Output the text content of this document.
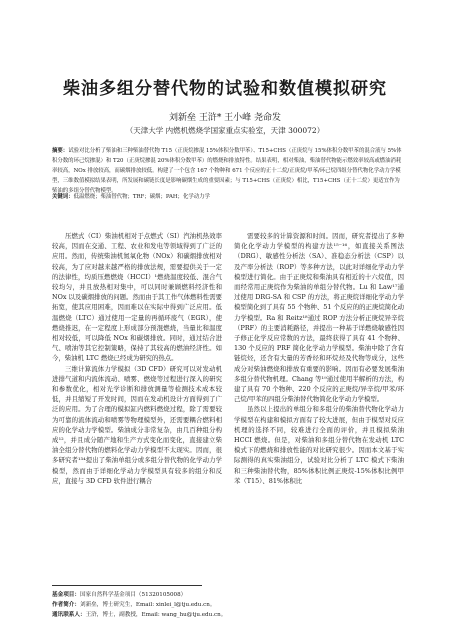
柴油多组分替代物的试验和数值模拟研究
刘新垒 王浒* 王小峰 尧命发
（天津大学 内燃机燃烧学国家重点实验室，天津 300072）
摘要：试验对比分析了柴油和三种柴油替代物 T15（正庚烷掺混 15%体积分数甲苯）、T15+CHS（正庚烷与 15%体积分数甲苯的混合液与 5%体积分数的环己烷掺混）和 T20（正庚烷掺混 20%体积分数甲苯）的燃烧和排放特性。结果表明，相对柴油，柴油替代物能示燃效率较高或燃油消耗率较高，NOx 排放较高，而碳烟排放较低。构建了一个包含 167 个物种和 671 个反应的正十二烷/正庚烷/甲苯/环己烷四组分替代物化学动力学模型，三维数值模拟结果表明，所发展和碳链长度是影响碳烟生成的重要因素；与 T15+CHS（正庚烷）相比，T15+CHS（正十二烷）更适宜作为柴油的多组分替代物模型。
关键词：低温燃烧；柴油替代物；TRF；碳烟；PAH；化学动力学

压燃式（CI）柴油机相对于点燃式（SI）汽油机热效率较高，因而在交通、工程、农业和发电等领域得到了广泛的应用。然而，传统柴油机氮氧化物（NOx）和碳烟排放相对较高，为了应对越来越严格的排放法规，需要提供关于一定的法律性，均质压燃燃烧（HCCI）¹燃烧温度较低、混合气较均匀，并且放热相对集中，可以同时兼顾燃料经济性和 NOx 以及碳烟排放的问题。然而由于其工作气体燃料性需要拓宽，使其应用困难，因而难以在实际中得到广泛应用。低温燃烧（LTC）通过使用一定量的再循环废气（EGR），使燃烧推迟，在一定程度上形成部分预混燃烧，当量比和温度相对较低，可以降低 NOx 和碳烟排放。同时，通过结合进气、喷油等其它控制策略，保持了其较高的燃油经济性。如今，柴油机 LTC 燃烧已经成为研究的热点。

三维计算流体力学模拟（3D CFD）研究可以对发动机进排气道和内流体流动、喷雾、燃烧等过程进行深入的研究和参数优化，相对光学诊断和排放测量等检测技术成本较低，并且缩短了开发时间，因而在发动机设计方面得到了广泛的应用。为了合理的模拟缸内燃料燃烧过程，除了需要较为可靠的流体流动和喷雾等物理模型外，还需要耦合燃料相应的化学动力学模型。柴油成分非常复杂，由几百种组分构成¹²，并且成分随产地和生产方式变化而变化，直接建立柴油全组分替代物的燃料化学动力学模型不太现实。因而，很多研究者¹³⁴提出了柴油单组分或多组分替代物的化学动力学模型，然而由于详细化学动力学模型具有较多的组分和反应，直接与 3D CFD 软件进行耦合

需要较多的计算资源和时间。因而，研究者提出了多种简化化学动力学模型的构建方法¹⁵⁻¹⁶，如直接关系图法（DRG）、敏感性分析法（SA）、准稳态分析法（CSP）以及产率分析法（ROP）等多种方法，以此对详细化学动力学模型进行简化。由于正庚烷和柴油具有相近的十六烷值，因而经常用正庚烷作为柴油的单组分替代物。Lu 和 Law¹⁷通过使用 DRG-SA 和 CSP 的方法，将正庚烷详细化学动力学模型简化到了具有 55 个物种、51 个反应的的正庚烷简化动力学模型。Ra 和 Reitz¹⁸通过 ROP 方法分析正庚烷异辛烷（PRF）的主要消耗路径，并提出一种基于详燃烧敏感性因子修正化学反应常数的方法，最终获得了具有 41 个物种、130 个反应的 PRF 简化化学动力学模型。柴油中除了含有链烷烃，还含有大量的芳香烃和环烷烃及代物等成分，这些成分对柴油燃烧和排放有重要的影响。因而有必要发展柴油多组分替代物机理。Chang 等¹⁹通过使用半解析的方法，构建了具有 70 个物种、220 个反应的正庚烷/异辛烷/甲苯/环己烷/甲苯的四组分柴油替代物简化化学动力学模型。

虽然以上提出的单组分和多组分的柴油替代物化学动力学模型在构建和模拟方面有了较大进展，但由于模型对反应机理的选择不同，较难进行全面的评价，并且模拟柴油 HCCI 燃烧。但是，对柴油和多组分替代物在发动机 LTC 模式下的燃烧和排放性能的对比研究很少。因而本文基于实际测得的真实柴油组分，试验对比分析了 LTC 模式下柴油和三种柴油替代物，85%体积比例正庚烷-15%体积比例甲苯（T15）、81%体积比

基金项目：国家自然科学基金项目（51320105008）
作者简介：刘新垒，博士研究生，Email: xinlei_l@tju.edu.cn。
通讯联系人：王浒，博士，副教授，Email: wang_hu@tju.edu.cn。
